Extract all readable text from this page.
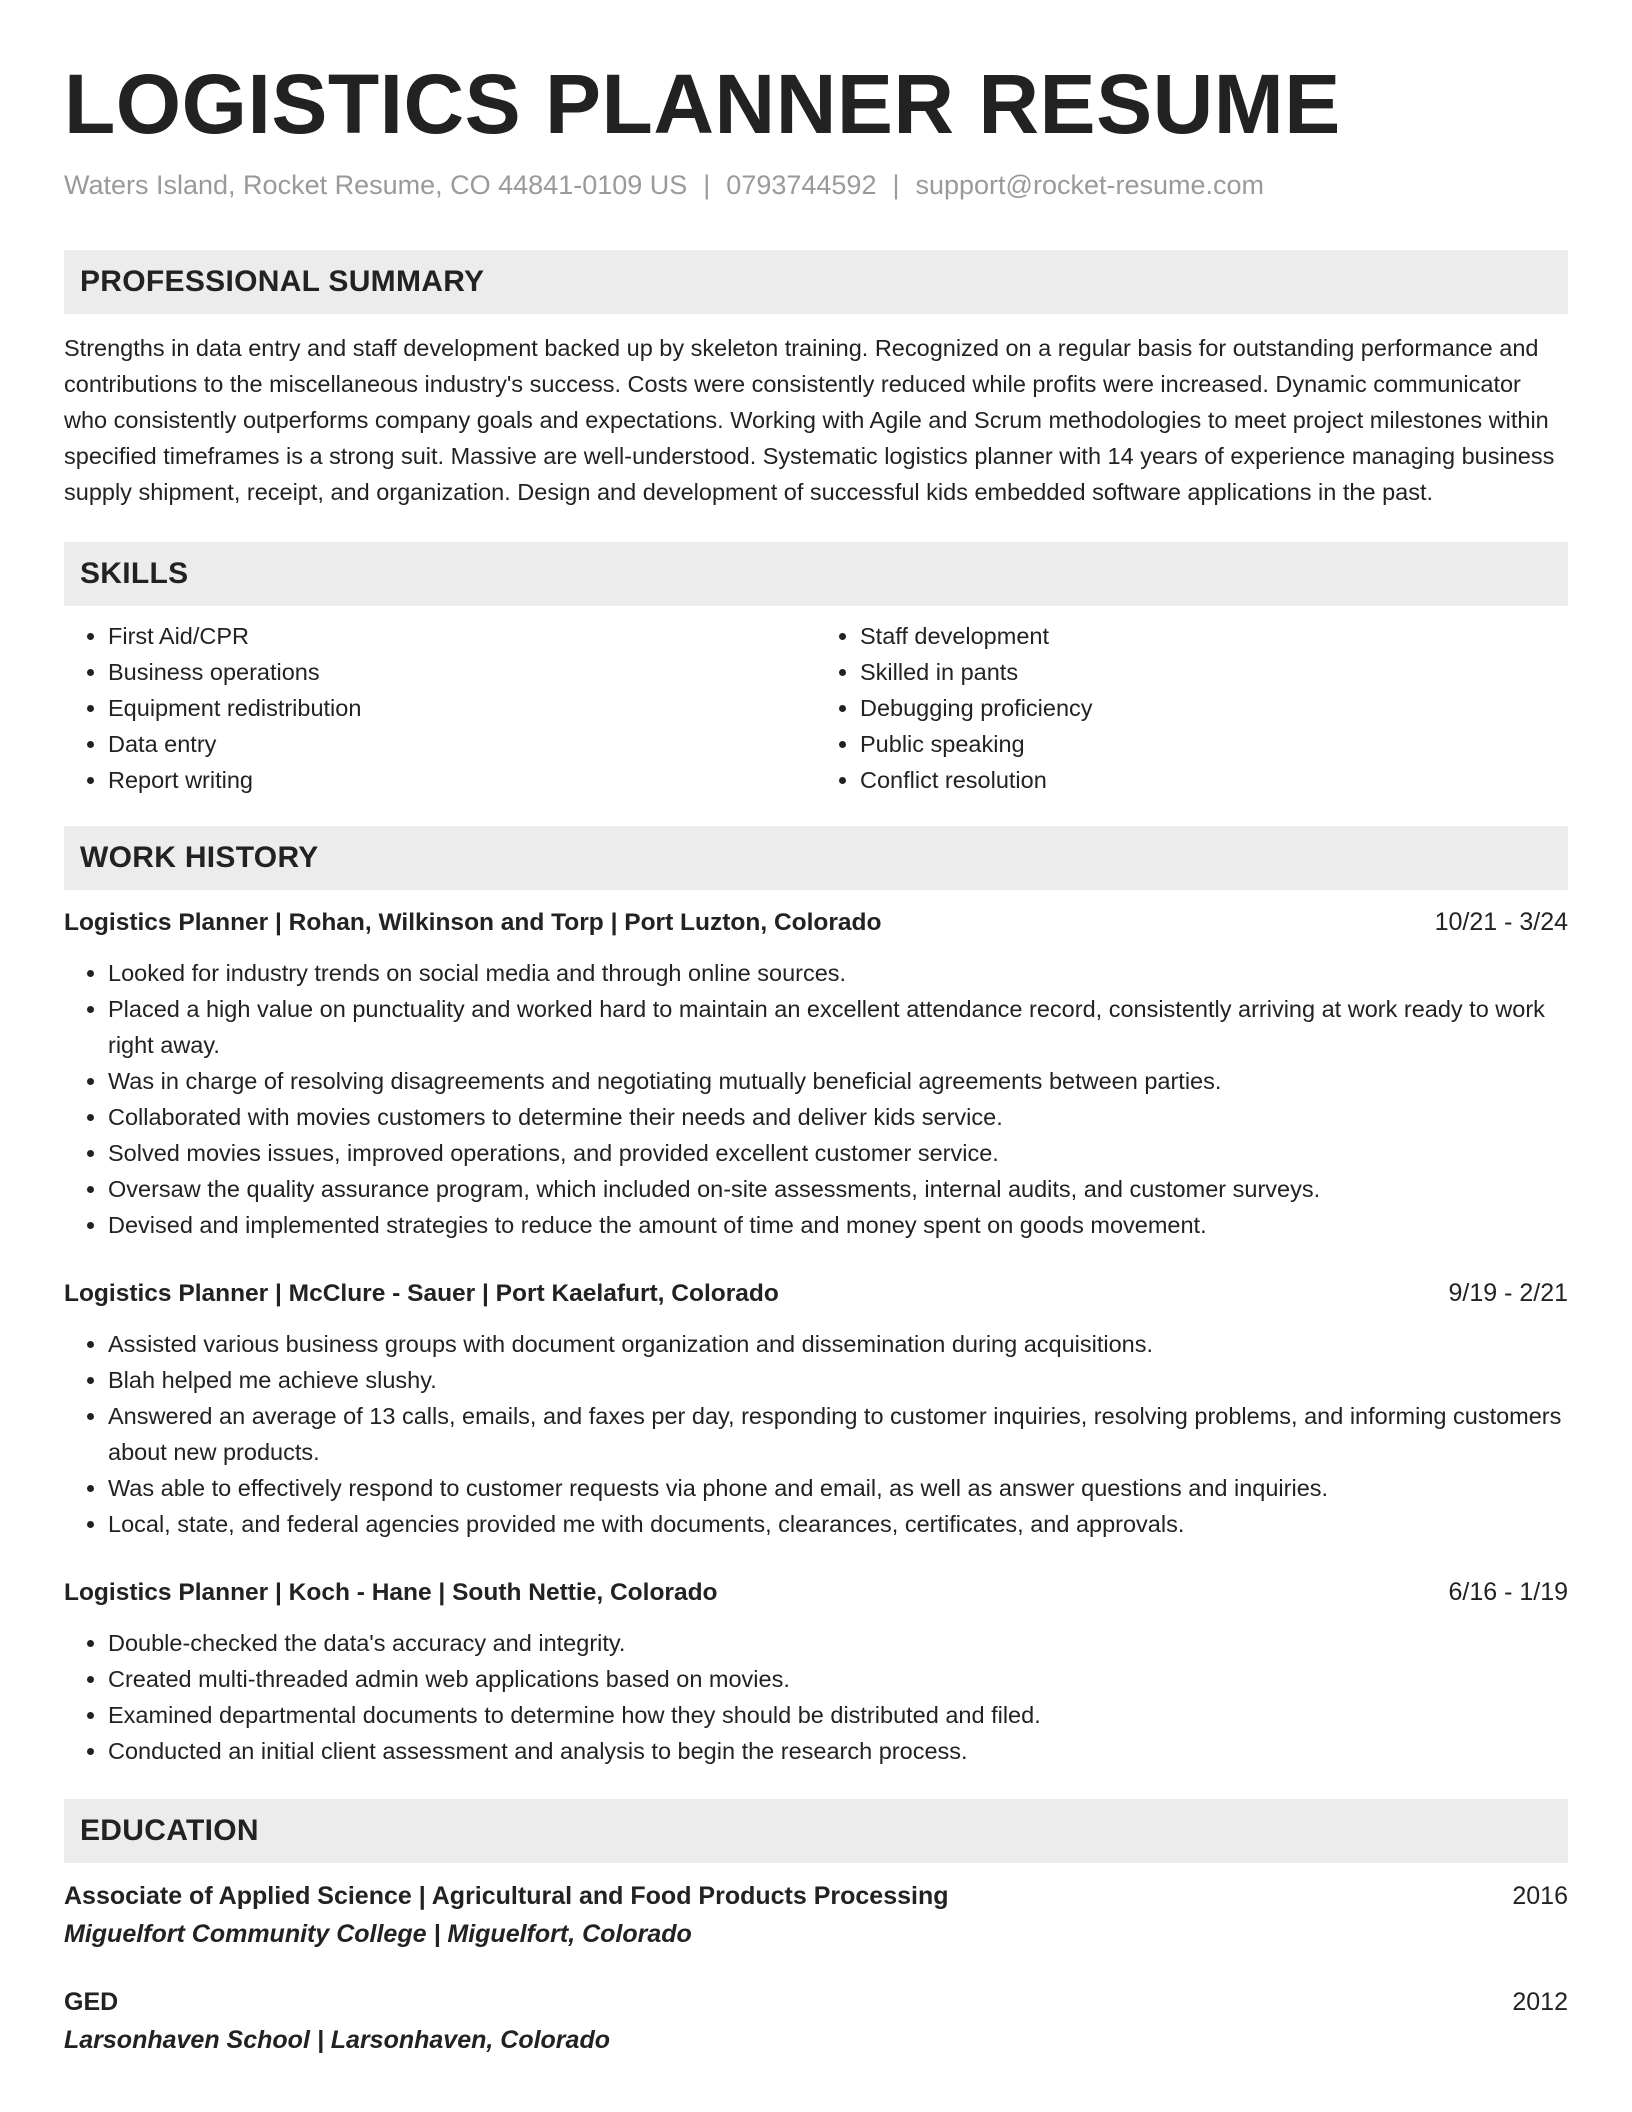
LOGISTICS PLANNER RESUME
Waters Island, Rocket Resume, CO 44841-0109 US | 0793744592 | support@rocket-resume.com
PROFESSIONAL SUMMARY

Strengths in data entry and staff development backed up by skeleton training. Recognized on a regular basis for outstanding performance and contributions to the miscellaneous industry's success. Costs were consistently reduced while profits were increased. Dynamic communicator who consistently outperforms company goals and expectations. Working with Agile and Scrum methodologies to meet project milestones within specified timeframes is a strong suit. Massive are well-understood. Systematic logistics planner with 14 years of experience managing business supply shipment, receipt, and organization. Design and development of successful kids embedded software applications in the past.

SKILLS
• First Aid/CPR
• Business operations
• Equipment redistribution
• Data entry
• Report writing
• Staff development
• Skilled in pants
• Debugging proficiency
• Public speaking
• Conflict resolution
WORK HISTORY
Logistics Planner | Rohan, Wilkinson and Torp | Port Luzton, Colorado	10/21 - 3/24
• Looked for industry trends on social media and through online sources.
• Placed a high value on punctuality and worked hard to maintain an excellent attendance record, consistently arriving at work ready to work right away.
• Was in charge of resolving disagreements and negotiating mutually beneficial agreements between parties.
• Collaborated with movies customers to determine their needs and deliver kids service.
• Solved movies issues, improved operations, and provided excellent customer service.
• Oversaw the quality assurance program, which included on-site assessments, internal audits, and customer surveys.
• Devised and implemented strategies to reduce the amount of time and money spent on goods movement.
Logistics Planner | McClure - Sauer | Port Kaelafurt, Colorado	9/19 - 2/21
• Assisted various business groups with document organization and dissemination during acquisitions.
• Blah helped me achieve slushy.
• Answered an average of 13 calls, emails, and faxes per day, responding to customer inquiries, resolving problems, and informing customers about new products.
• Was able to effectively respond to customer requests via phone and email, as well as answer questions and inquiries.
• Local, state, and federal agencies provided me with documents, clearances, certificates, and approvals.
Logistics Planner | Koch - Hane | South Nettie, Colorado	6/16 - 1/19
• Double-checked the data's accuracy and integrity.
• Created multi-threaded admin web applications based on movies.
• Examined departmental documents to determine how they should be distributed and filed.
• Conducted an initial client assessment and analysis to begin the research process.
EDUCATION
Associate of Applied Science | Agricultural and Food Products Processing	2016
Miguelfort Community College | Miguelfort, Colorado
GED	2012
Larsonhaven School | Larsonhaven, Colorado
